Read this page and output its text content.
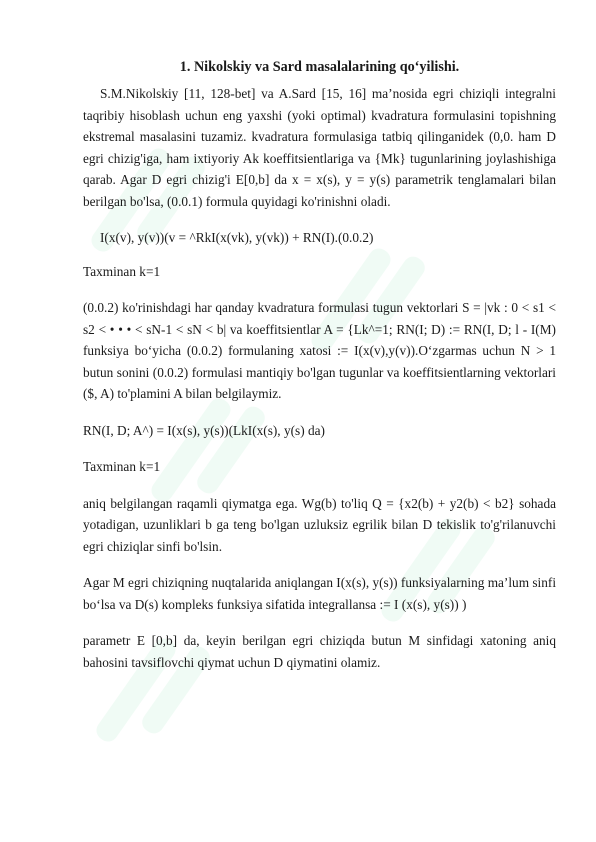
1. Nikolskiy va Sard masalalarining qo‘yilishi.

S.M.Nikolskiy [11, 128-bet] va A.Sard [15, 16] ma’nosida egri chiziqli integralni taqribiy hisoblash uchun eng yaxshi (yoki optimal) kvadratura formulasini topishning ekstremal masalasini tuzamiz. kvadratura formulasiga tatbiq qilinganidek (0,0. ham D egri chizig'iga, ham ixtiyoriy Ak koeffitsientlariga va {Mk} tugunlarining joylashishiga qarab. Agar D egri chizig'i E[0,b] da x = x(s), y = y(s) parametrik tenglamalari bilan berilgan bo'lsa, (0.0.1) formula quyidagi ko'rinishni oladi.

I(x(v), y(v))(v = ^RkI(x(vk), y(vk)) + RN(I).(0.0.2)

Taxminan k=1

(0.0.2) ko'rinishdagi har qanday kvadratura formulasi tugun vektorlari S = |vk : 0 < s1 < s2 < • • • < sN-1 < sN < b| va koeffitsientlar A = {Lk^=1; RN(I; D) := RN(I, D; l - I(M) funksiya bo‘yicha (0.0.2) formulaning xatosi := I(x(v),y(v)).O‘zgarmas uchun N > 1 butun sonini (0.0.2) formulasi mantiqiy bo'lgan tugunlar va koeffitsientlarning vektorlari ($, A) to'plamini A bilan belgilaymiz.

RN(I, D; A^) = I(x(s), y(s))(LkI(x(s), y(s) da)

Taxminan k=1

aniq belgilangan raqamli qiymatga ega. Wg(b) to'liq Q = {x2(b) + y2(b) < b2} sohada yotadigan, uzunliklari b ga teng bo'lgan uzluksiz egrilik bilan D tekislik to'g'rilanuvchi egri chiziqlar sinfi bo'lsin.

Agar M egri chiziqning nuqtalarida aniqlangan I(x(s), y(s)) funksiyalarning ma’lum sinfi bo‘lsa va D(s) kompleks funksiya sifatida integrallansa := I (x(s), y(s)) )

parametr E [0,b] da, keyin berilgan egri chiziqda butun M sinfidagi xatoning aniq bahosini tavsiflovchi qiymat uchun D qiymatini olamiz.
